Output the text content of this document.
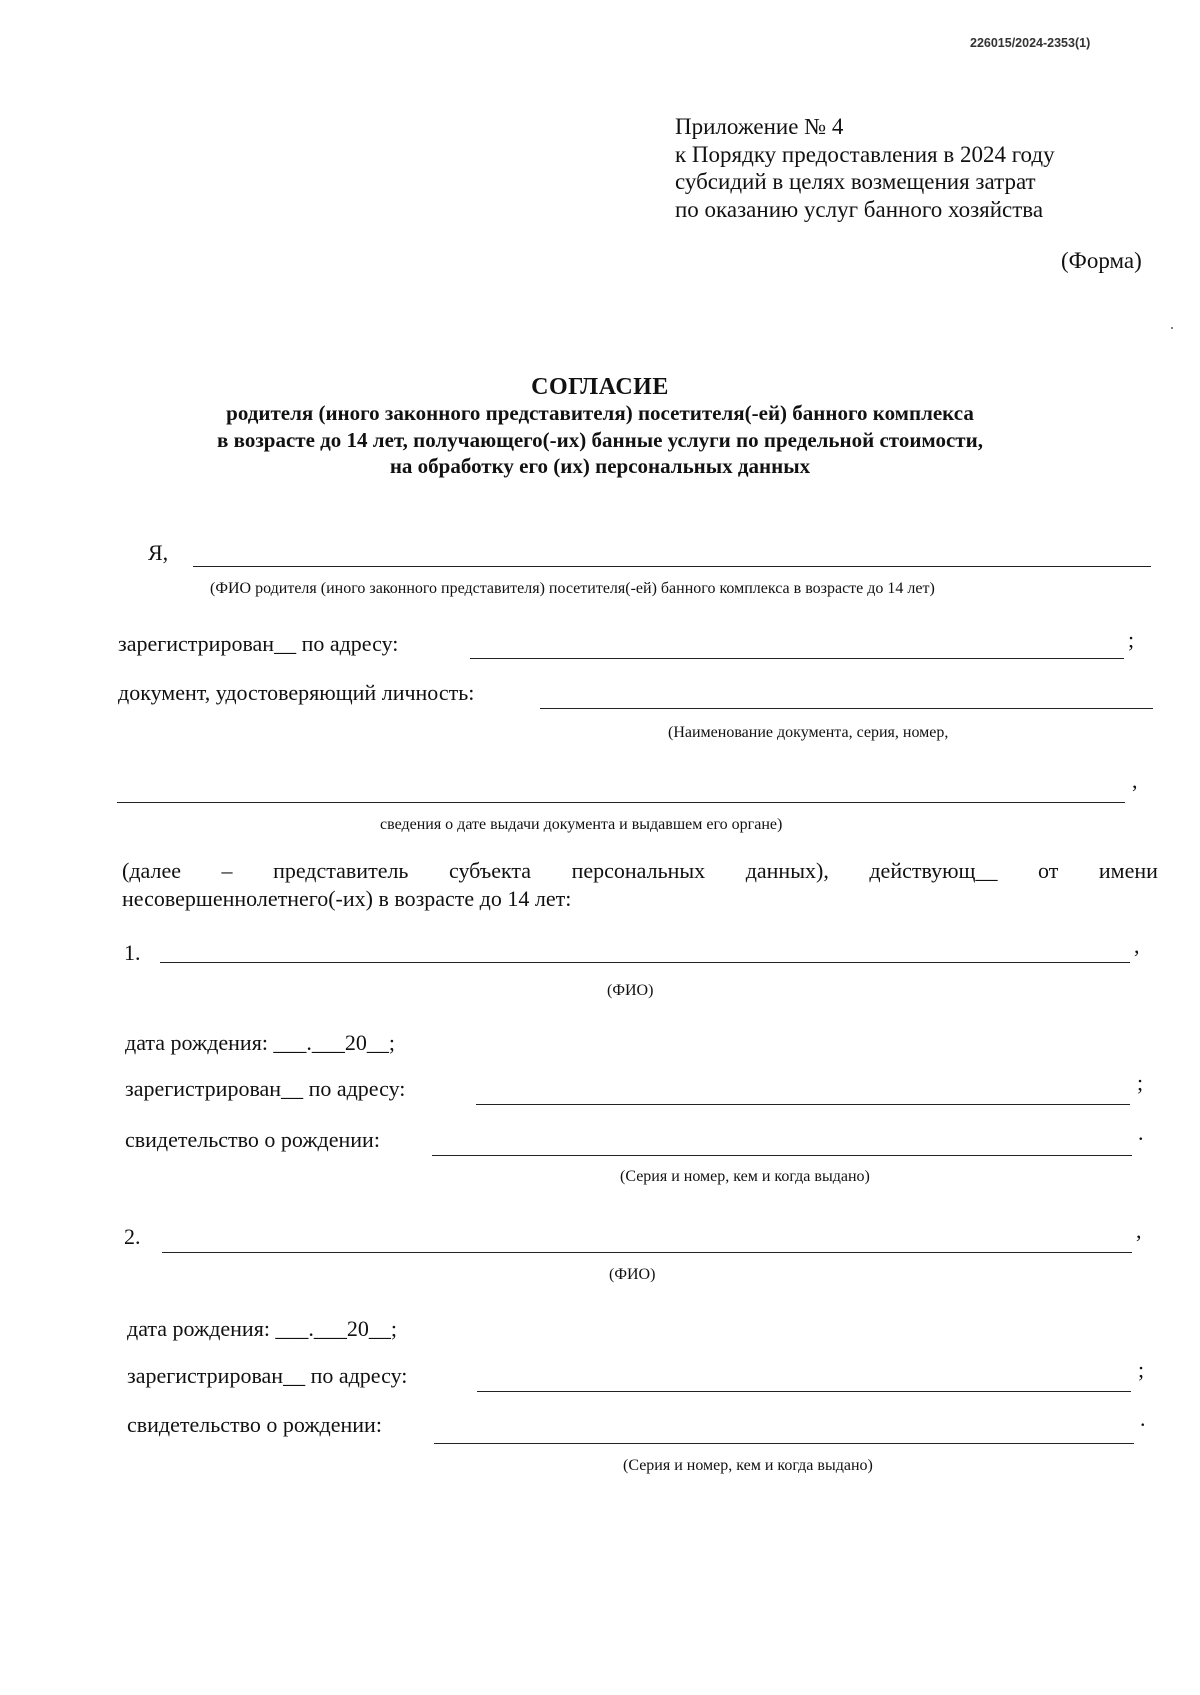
226015/2024-2353(1)
Приложение № 4
к Порядку предоставления в 2024 году
субсидий в целях возмещения затрат
по оказанию услуг банного хозяйства
(Форма)
СОГЛАСИЕ
родителя (иного законного представителя) посетителя(-ей) банного комплекса
в возрасте до 14 лет, получающего(-их) банные услуги по предельной стоимости,
на обработку его (их) персональных данных
Я,
(ФИО родителя (иного законного представителя) посетителя(-ей) банного комплекса в возрасте до 14 лет)
зарегистрирован__ по адресу:	;
документ, удостоверяющий личность:
(Наименование документа, серия, номер,
,
сведения о дате выдачи документа и выдавшем его органе)
(далее – представитель субъекта персональных данных), действующ__ от имени
несовершеннолетнего(-их) в возрасте до 14 лет:
1.	,
(ФИО)
дата рождения: ___.___20__;
зарегистрирован__ по адресу:	;
свидетельство о рождении:	.
(Серия и номер, кем и когда выдано)
2.	,
(ФИО)
дата рождения: ___.___20__;
зарегистрирован__ по адресу:	;
свидетельство о рождении:	.
(Серия и номер, кем и когда выдано)
